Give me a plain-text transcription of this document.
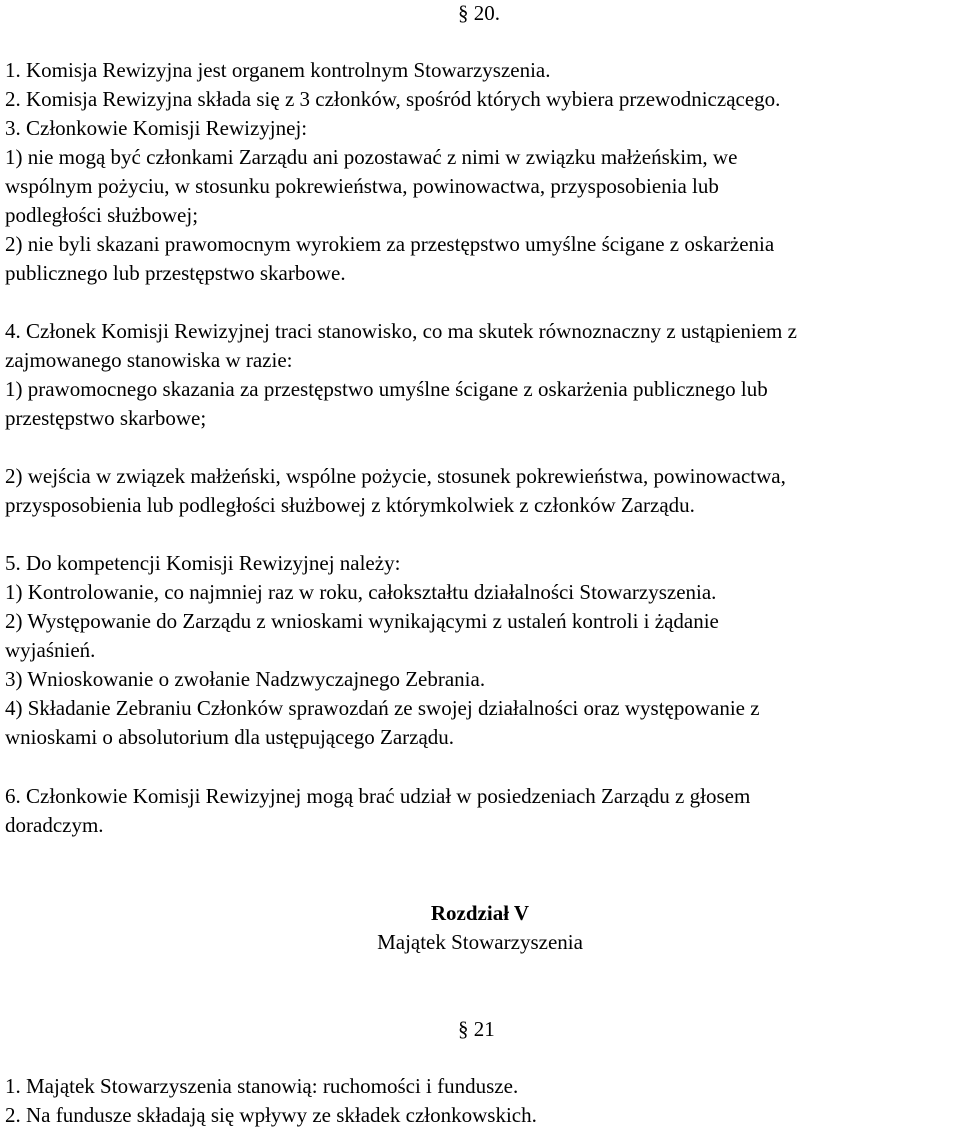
§ 20.
1. Komisja Rewizyjna jest organem kontrolnym Stowarzyszenia.
2. Komisja Rewizyjna składa się z 3 członków, spośród których wybiera przewodniczącego.
3. Członkowie Komisji Rewizyjnej:
1) nie mogą być członkami Zarządu ani pozostawać z nimi w związku małżeńskim, we
wspólnym pożyciu, w stosunku pokrewieństwa, powinowactwa, przysposobienia lub
podległości służbowej;
2) nie byli skazani prawomocnym wyrokiem za przestępstwo umyślne ścigane z oskarżenia
publicznego lub przestępstwo skarbowe.
4. Członek Komisji Rewizyjnej traci stanowisko, co ma skutek równoznaczny z ustąpieniem z
zajmowanego stanowiska w razie:
1) prawomocnego skazania za przestępstwo umyślne ścigane z oskarżenia publicznego lub
przestępstwo skarbowe;
2) wejścia w związek małżeński, wspólne pożycie, stosunek pokrewieństwa, powinowactwa,
przysposobienia lub podległości służbowej z którymkolwiek z członków Zarządu.
5. Do kompetencji Komisji Rewizyjnej należy:
1) Kontrolowanie, co najmniej raz w roku, całokształtu działalności Stowarzyszenia.
2) Występowanie do Zarządu z wnioskami wynikającymi z ustaleń kontroli i żądanie
wyjaśnień.
3) Wnioskowanie o zwołanie Nadzwyczajnego Zebrania.
4) Składanie Zebraniu Członków sprawozdań ze swojej działalności oraz występowanie z
wnioskami o absolutorium dla ustępującego Zarządu.
6. Członkowie Komisji Rewizyjnej mogą brać udział w posiedzeniach Zarządu z głosem
doradczym.
Rozdział V
Majątek Stowarzyszenia
§ 21
1. Majątek Stowarzyszenia stanowią: ruchomości i fundusze.
2. Na fundusze składają się wpływy ze składek członkowskich.
